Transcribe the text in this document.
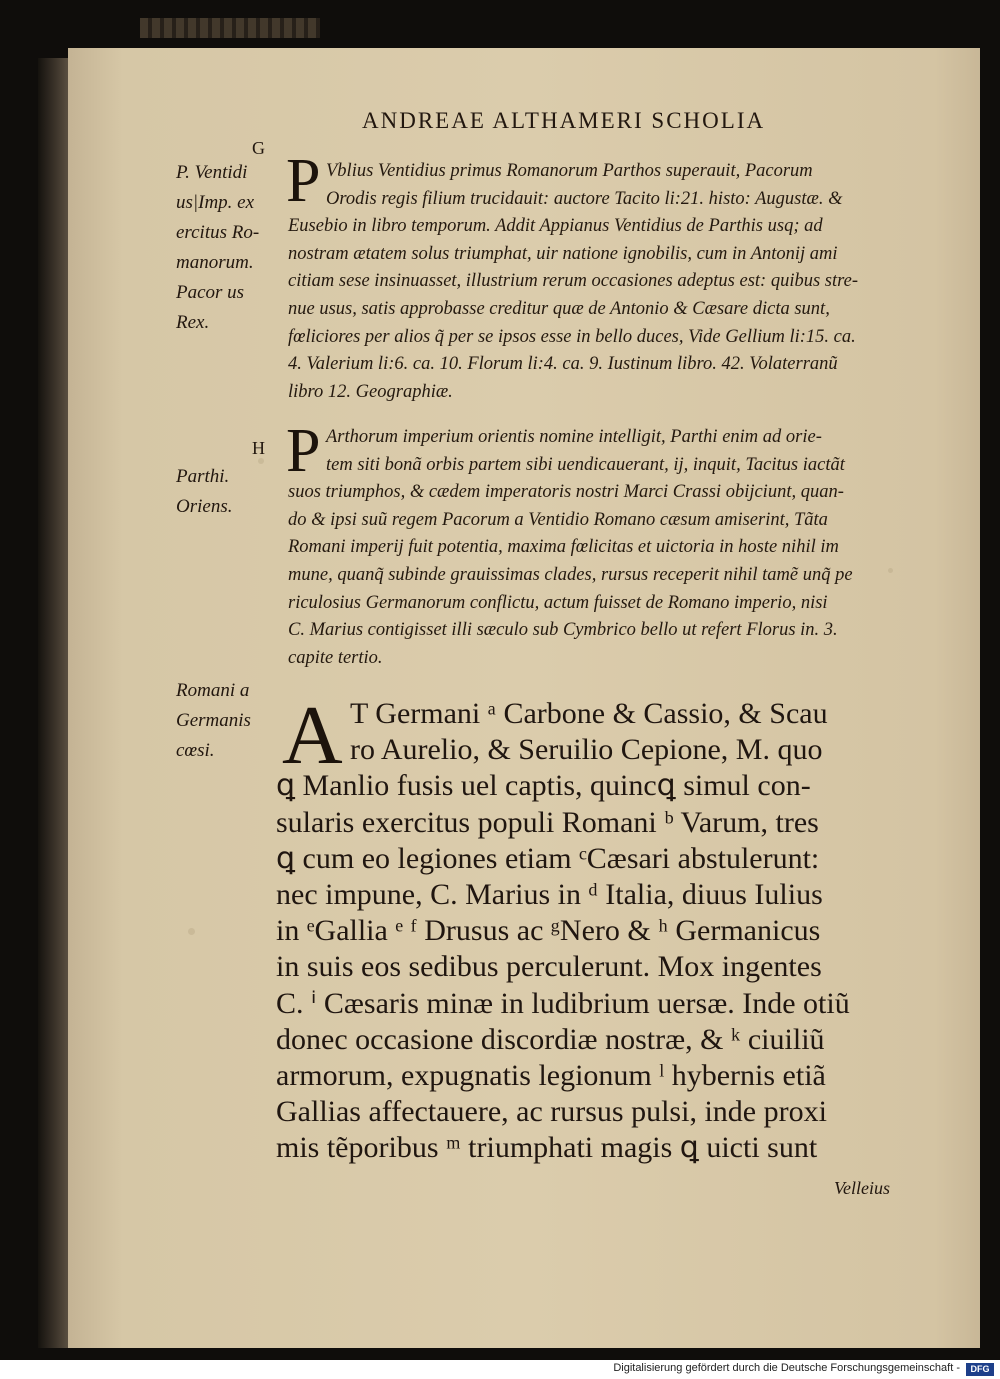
ANDREAE ALTHAMERI SCHOLIA
G
H
P. Ventidi
us|Imp. ex
ercitus Ro-
manorum.
Pacor us
Rex.
Parthi.
Oriens.
Romani a
Germanis
cœsi.
P Vblius Ventidius primus Romanorum Parthos superauit, Pacorum
Orodis regis filium trucidauit: auctore Tacito li:21. histo: Augustæ. &
Eusebio in libro temporum. Addit Appianus Ventidius de Parthis usq; ad
nostram ætatem solus triumphat, uir natione ignobilis, cum in Antonij ami
citiam sese insinuasset, illustrium rerum occasiones adeptus est: quibus stre-
nue usus, satis approbasse creditur quæ de Antonio & Cæsare dicta sunt,
fœliciores per alios q̃ per se ipsos esse in bello duces, Vide Gellium li:15. ca.
4. Valerium li:6. ca. 10. Florum li:4. ca. 9. Iustinum libro. 42. Volaterranũ
libro 12. Geographiæ.
P Arthorum imperium orientis nomine intelligit, Parthi enim ad orie-
tem siti bonã orbis partem sibi uendicauerant, ij, inquit, Tacitus iactãt
suos triumphos, & cædem imperatoris nostri Marci Crassi obijciunt, quan-
do & ipsi suũ regem Pacorum a Ventidio Romano cæsum amiserint, Tãta
Romani imperij fuit potentia, maxima fœlicitas et uictoria in hoste nihil im
mune, quanq̃ subinde grauissimas clades, rursus receperit nihil tamẽ unq̃ pe
riculosius Germanorum conflictu, actum fuisset de Romano imperio, nisi
C. Marius contigisset illi sæculo sub Cymbrico bello ut refert Florus in. 3.
capite tertio.
A T Germani ᵃ Carbone & Cassio, & Scau
ro Aurelio, & Seruilio Cepione, M. quo
ꝗ Manlio fusis uel captis, quincꝗ simul con-
sularis exercitus populi Romani ᵇ Varum, tres
ꝗ cum eo legiones etiam ᶜCæsari abstulerunt:
nec impune, C. Marius in ᵈ Italia, diuus Iulius
in ᵉGallia ᵉ ᶠ Drusus ac ᵍNero & ʰ Germanicus
in suis eos sedibus perculerunt. Mox ingentes
C. ⁱ Cæsaris minæ in ludibrium uersæ. Inde otiũ
donec occasione discordiæ nostræ, & ᵏ ciuiliũ
armorum, expugnatis legionum ˡ hybernis etiã
Gallias affectauere, ac rursus pulsi, inde proxi
mis tẽporibus ᵐ triumphati magis ꝗ uicti sunt
Velleius
Digitalisierung gefördert durch die Deutsche Forschungsgemeinschaft -	DFG
